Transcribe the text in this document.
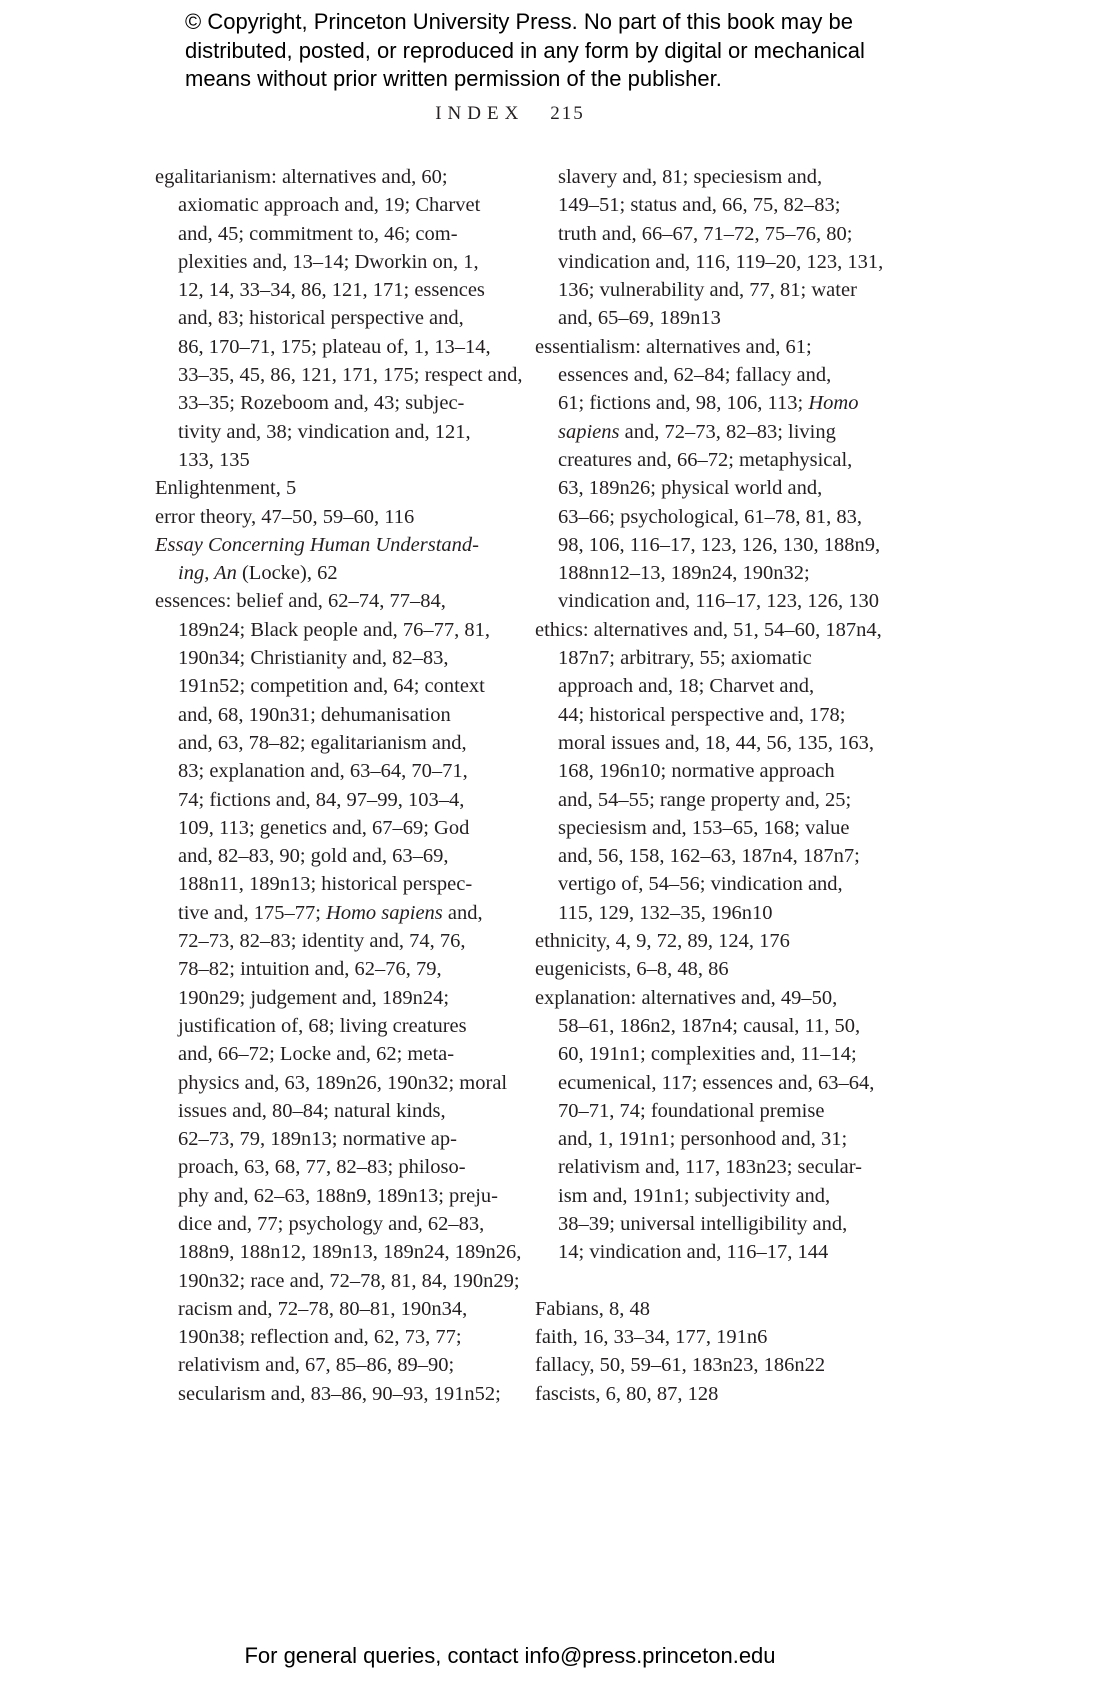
© Copyright, Princeton University Press. No part of this book may be
distributed, posted, or reproduced in any form by digital or mechanical
means without prior written permission of the publisher.
INDEX 215
egalitarianism: alternatives and, 60;
axiomatic approach and, 19; Charvet
and, 45; commitment to, 46; com-
plexities and, 13–14; Dworkin on, 1,
12, 14, 33–34, 86, 121, 171; essences
and, 83; historical perspective and,
86, 170–71, 175; plateau of, 1, 13–14,
33–35, 45, 86, 121, 171, 175; respect and,
33–35; Rozeboom and, 43; subjec-
tivity and, 38; vindication and, 121,
133, 135
Enlightenment, 5
error theory, 47–50, 59–60, 116
Essay Concerning Human Understand-
ing, An (Locke), 62
essences: belief and, 62–74, 77–84,
189n24; Black people and, 76–77, 81,
190n34; Christianity and, 82–83,
191n52; competition and, 64; context
and, 68, 190n31; dehumanisation
and, 63, 78–82; egalitarianism and,
83; explanation and, 63–64, 70–71,
74; fictions and, 84, 97–99, 103–4,
109, 113; genetics and, 67–69; God
and, 82–83, 90; gold and, 63–69,
188n11, 189n13; historical perspec-
tive and, 175–77; Homo sapiens and,
72–73, 82–83; identity and, 74, 76,
78–82; intuition and, 62–76, 79,
190n29; judgement and, 189n24;
justification of, 68; living creatures
and, 66–72; Locke and, 62; meta-
physics and, 63, 189n26, 190n32; moral
issues and, 80–84; natural kinds,
62–73, 79, 189n13; normative ap-
proach, 63, 68, 77, 82–83; philoso-
phy and, 62–63, 188n9, 189n13; preju-
dice and, 77; psychology and, 62–83,
188n9, 188n12, 189n13, 189n24, 189n26,
190n32; race and, 72–78, 81, 84, 190n29;
racism and, 72–78, 80–81, 190n34,
190n38; reflection and, 62, 73, 77;
relativism and, 67, 85–86, 89–90;
secularism and, 83–86, 90–93, 191n52;
slavery and, 81; speciesism and,
149–51; status and, 66, 75, 82–83;
truth and, 66–67, 71–72, 75–76, 80;
vindication and, 116, 119–20, 123, 131,
136; vulnerability and, 77, 81; water
and, 65–69, 189n13
essentialism: alternatives and, 61;
essences and, 62–84; fallacy and,
61; fictions and, 98, 106, 113; Homo
sapiens and, 72–73, 82–83; living
creatures and, 66–72; metaphysical,
63, 189n26; physical world and,
63–66; psychological, 61–78, 81, 83,
98, 106, 116–17, 123, 126, 130, 188n9,
188nn12–13, 189n24, 190n32;
vindication and, 116–17, 123, 126, 130
ethics: alternatives and, 51, 54–60, 187n4,
187n7; arbitrary, 55; axiomatic
approach and, 18; Charvet and,
44; historical perspective and, 178;
moral issues and, 18, 44, 56, 135, 163,
168, 196n10; normative approach
and, 54–55; range property and, 25;
speciesism and, 153–65, 168; value
and, 56, 158, 162–63, 187n4, 187n7;
vertigo of, 54–56; vindication and,
115, 129, 132–35, 196n10
ethnicity, 4, 9, 72, 89, 124, 176
eugenicists, 6–8, 48, 86
explanation: alternatives and, 49–50,
58–61, 186n2, 187n4; causal, 11, 50,
60, 191n1; complexities and, 11–14;
ecumenical, 117; essences and, 63–64,
70–71, 74; foundational premise
and, 1, 191n1; personhood and, 31;
relativism and, 117, 183n23; secular-
ism and, 191n1; subjectivity and,
38–39; universal intelligibility and,
14; vindication and, 116–17, 144

Fabians, 8, 48
faith, 16, 33–34, 177, 191n6
fallacy, 50, 59–61, 183n23, 186n22
fascists, 6, 80, 87, 128
For general queries, contact info@press.princeton.edu
